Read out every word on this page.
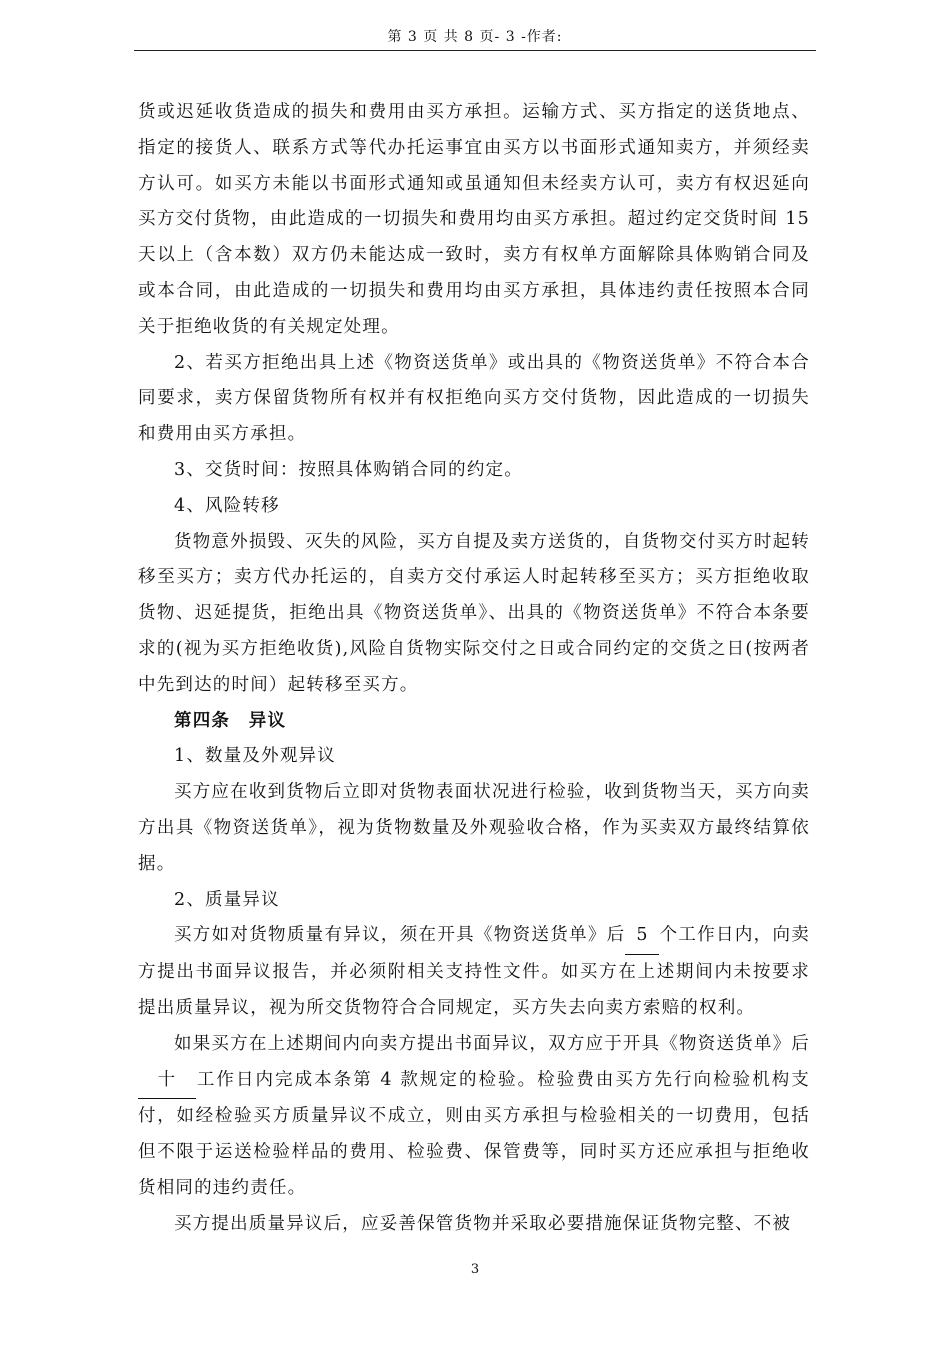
第 3 页 共 8 页- 3 -作者:

货或迟延收货造成的损失和费用由买方承担。运输方式、买方指定的送货地点、指定的接货人、联系方式等代办托运事宜由买方以书面形式通知卖方，并须经卖方认可。如买方未能以书面形式通知或虽通知但未经卖方认可，卖方有权迟延向买方交付货物，由此造成的一切损失和费用均由买方承担。超过约定交货时间 15 天以上（含本数）双方仍未能达成一致时，卖方有权单方面解除具体购销合同及或本合同，由此造成的一切损失和费用均由买方承担，具体违约责任按照本合同关于拒绝收货的有关规定处理。

2、若买方拒绝出具上述《物资送货单》或出具的《物资送货单》不符合本合同要求，卖方保留货物所有权并有权拒绝向买方交付货物，因此造成的一切损失和费用由买方承担。

3、交货时间：按照具体购销合同的约定。

4、风险转移

货物意外损毁、灭失的风险，买方自提及卖方送货的，自货物交付买方时起转移至买方；卖方代办托运的，自卖方交付承运人时起转移至买方；买方拒绝收取货物、迟延提货，拒绝出具《物资送货单》、出具的《物资送货单》不符合本条要求的(视为买方拒绝收货),风险自货物实际交付之日或合同约定的交货之日(按两者中先到达的时间）起转移至买方。

第四条　异议

1、数量及外观异议

买方应在收到货物后立即对货物表面状况进行检验，收到货物当天，买方向卖方出具《物资送货单》，视为货物数量及外观验收合格，作为买卖双方最终结算依据。

2、质量异议

买方如对货物质量有异议，须在开具《物资送货单》后 5 个工作日内，向卖方提出书面异议报告，并必须附相关支持性文件。如买方在上述期间内未按要求提出质量异议，视为所交货物符合合同规定，买方失去向卖方索赔的权利。

如果买方在上述期间内向卖方提出书面异议，双方应于开具《物资送货单》后十 工作日内完成本条第 4 款规定的检验。检验费由买方先行向检验机构支付，如经检验买方质量异议不成立，则由买方承担与检验相关的一切费用，包括但不限于运送检验样品的费用、检验费、保管费等，同时买方还应承担与拒绝收货相同的违约责任。

买方提出质量异议后，应妥善保管货物并采取必要措施保证货物完整、不被

3
